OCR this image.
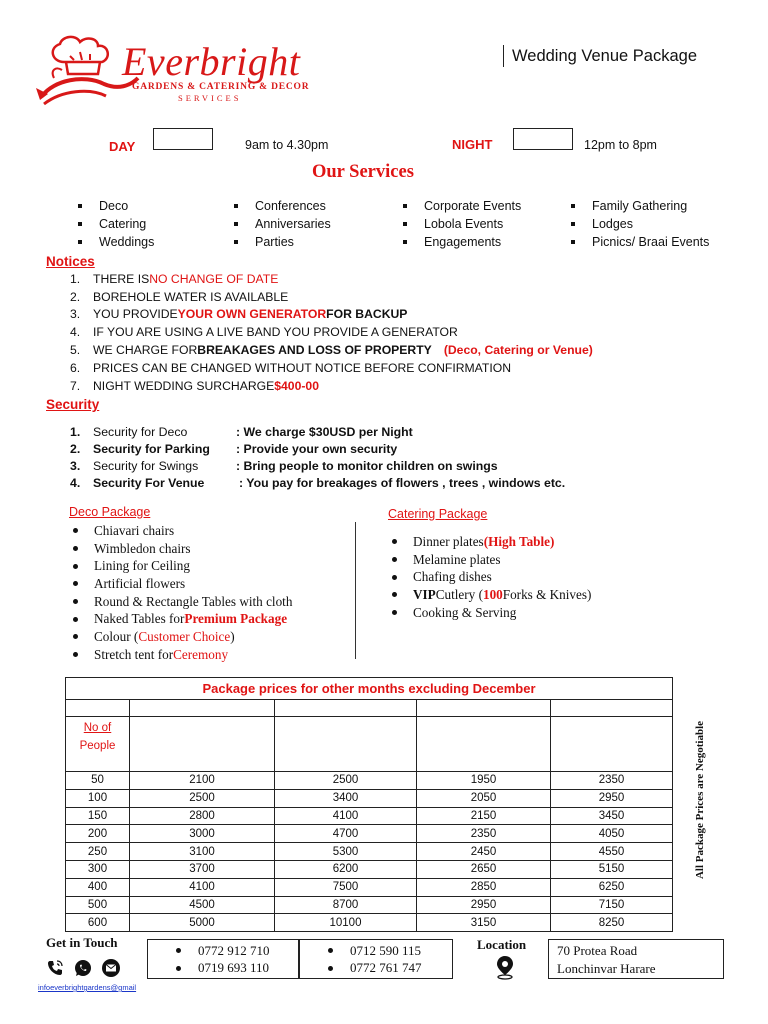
Everbright
GARDENS & CATERING & DECOR
SERVICES
Wedding Venue Package
DAY	9am to 4.30pm	NIGHT	12pm to 8pm
Our Services
Deco
Catering
Weddings
Conferences
Anniversaries
Parties
Corporate Events
Lobola Events
Engagements
Family Gathering
Lodges
Picnics/ Braai Events
Notices
1.	THERE IS NO CHANGE OF DATE
2.	BOREHOLE WATER IS AVAILABLE
3.	YOU PROVIDE YOUR OWN GENERATOR FOR BACKUP
4.	IF YOU ARE USING A LIVE BAND YOU PROVIDE A GENERATOR
5.	WE CHARGE FOR BREAKAGES AND LOSS OF PROPERTY (Deco, Catering or Venue)
6.	PRICES CAN BE CHANGED WITHOUT NOTICE BEFORE CONFIRMATION
7.	NIGHT WEDDING SURCHARGE $400-00
Security
1.	Security for Deco	: We charge $30USD per Night
2.	Security for Parking	: Provide your own security
3.	Security for Swings	: Bring people to monitor children on swings
4.	Security For Venue	: You pay for breakages of flowers , trees , windows etc.
Deco Package
Chiavari chairs
Wimbledon chairs
Lining for Ceiling
Artificial flowers
Round & Rectangle Tables with cloth
Naked Tables for Premium Package
Colour ( Customer Choice )
Stretch tent for Ceremony
Catering Package
Dinner plates (High Table)
Melamine plates
Chafing dishes
VIP Cutlery ( 100 Forks & Knives)
Cooking & Serving
Package prices for other months excluding December				

No of
People				
50	2100	2500	1950	2350
100	2500	3400	2050	2950
150	2800	4100	2150	3450
200	3000	4700	2350	4050
250	3100	5300	2450	4550
300	3700	6200	2650	5150
400	4100	7500	2850	6250
500	4500	8700	2950	7150
600	5000	10100	3150	8250
All Package Prices are Negotiable
Get in Touch
infoeverbrightgardens@gmail
0772 912 710
0719 693 110
0712 590 115
0772 761 747
Location 70 Protea Road
Lonchinvar Harare
